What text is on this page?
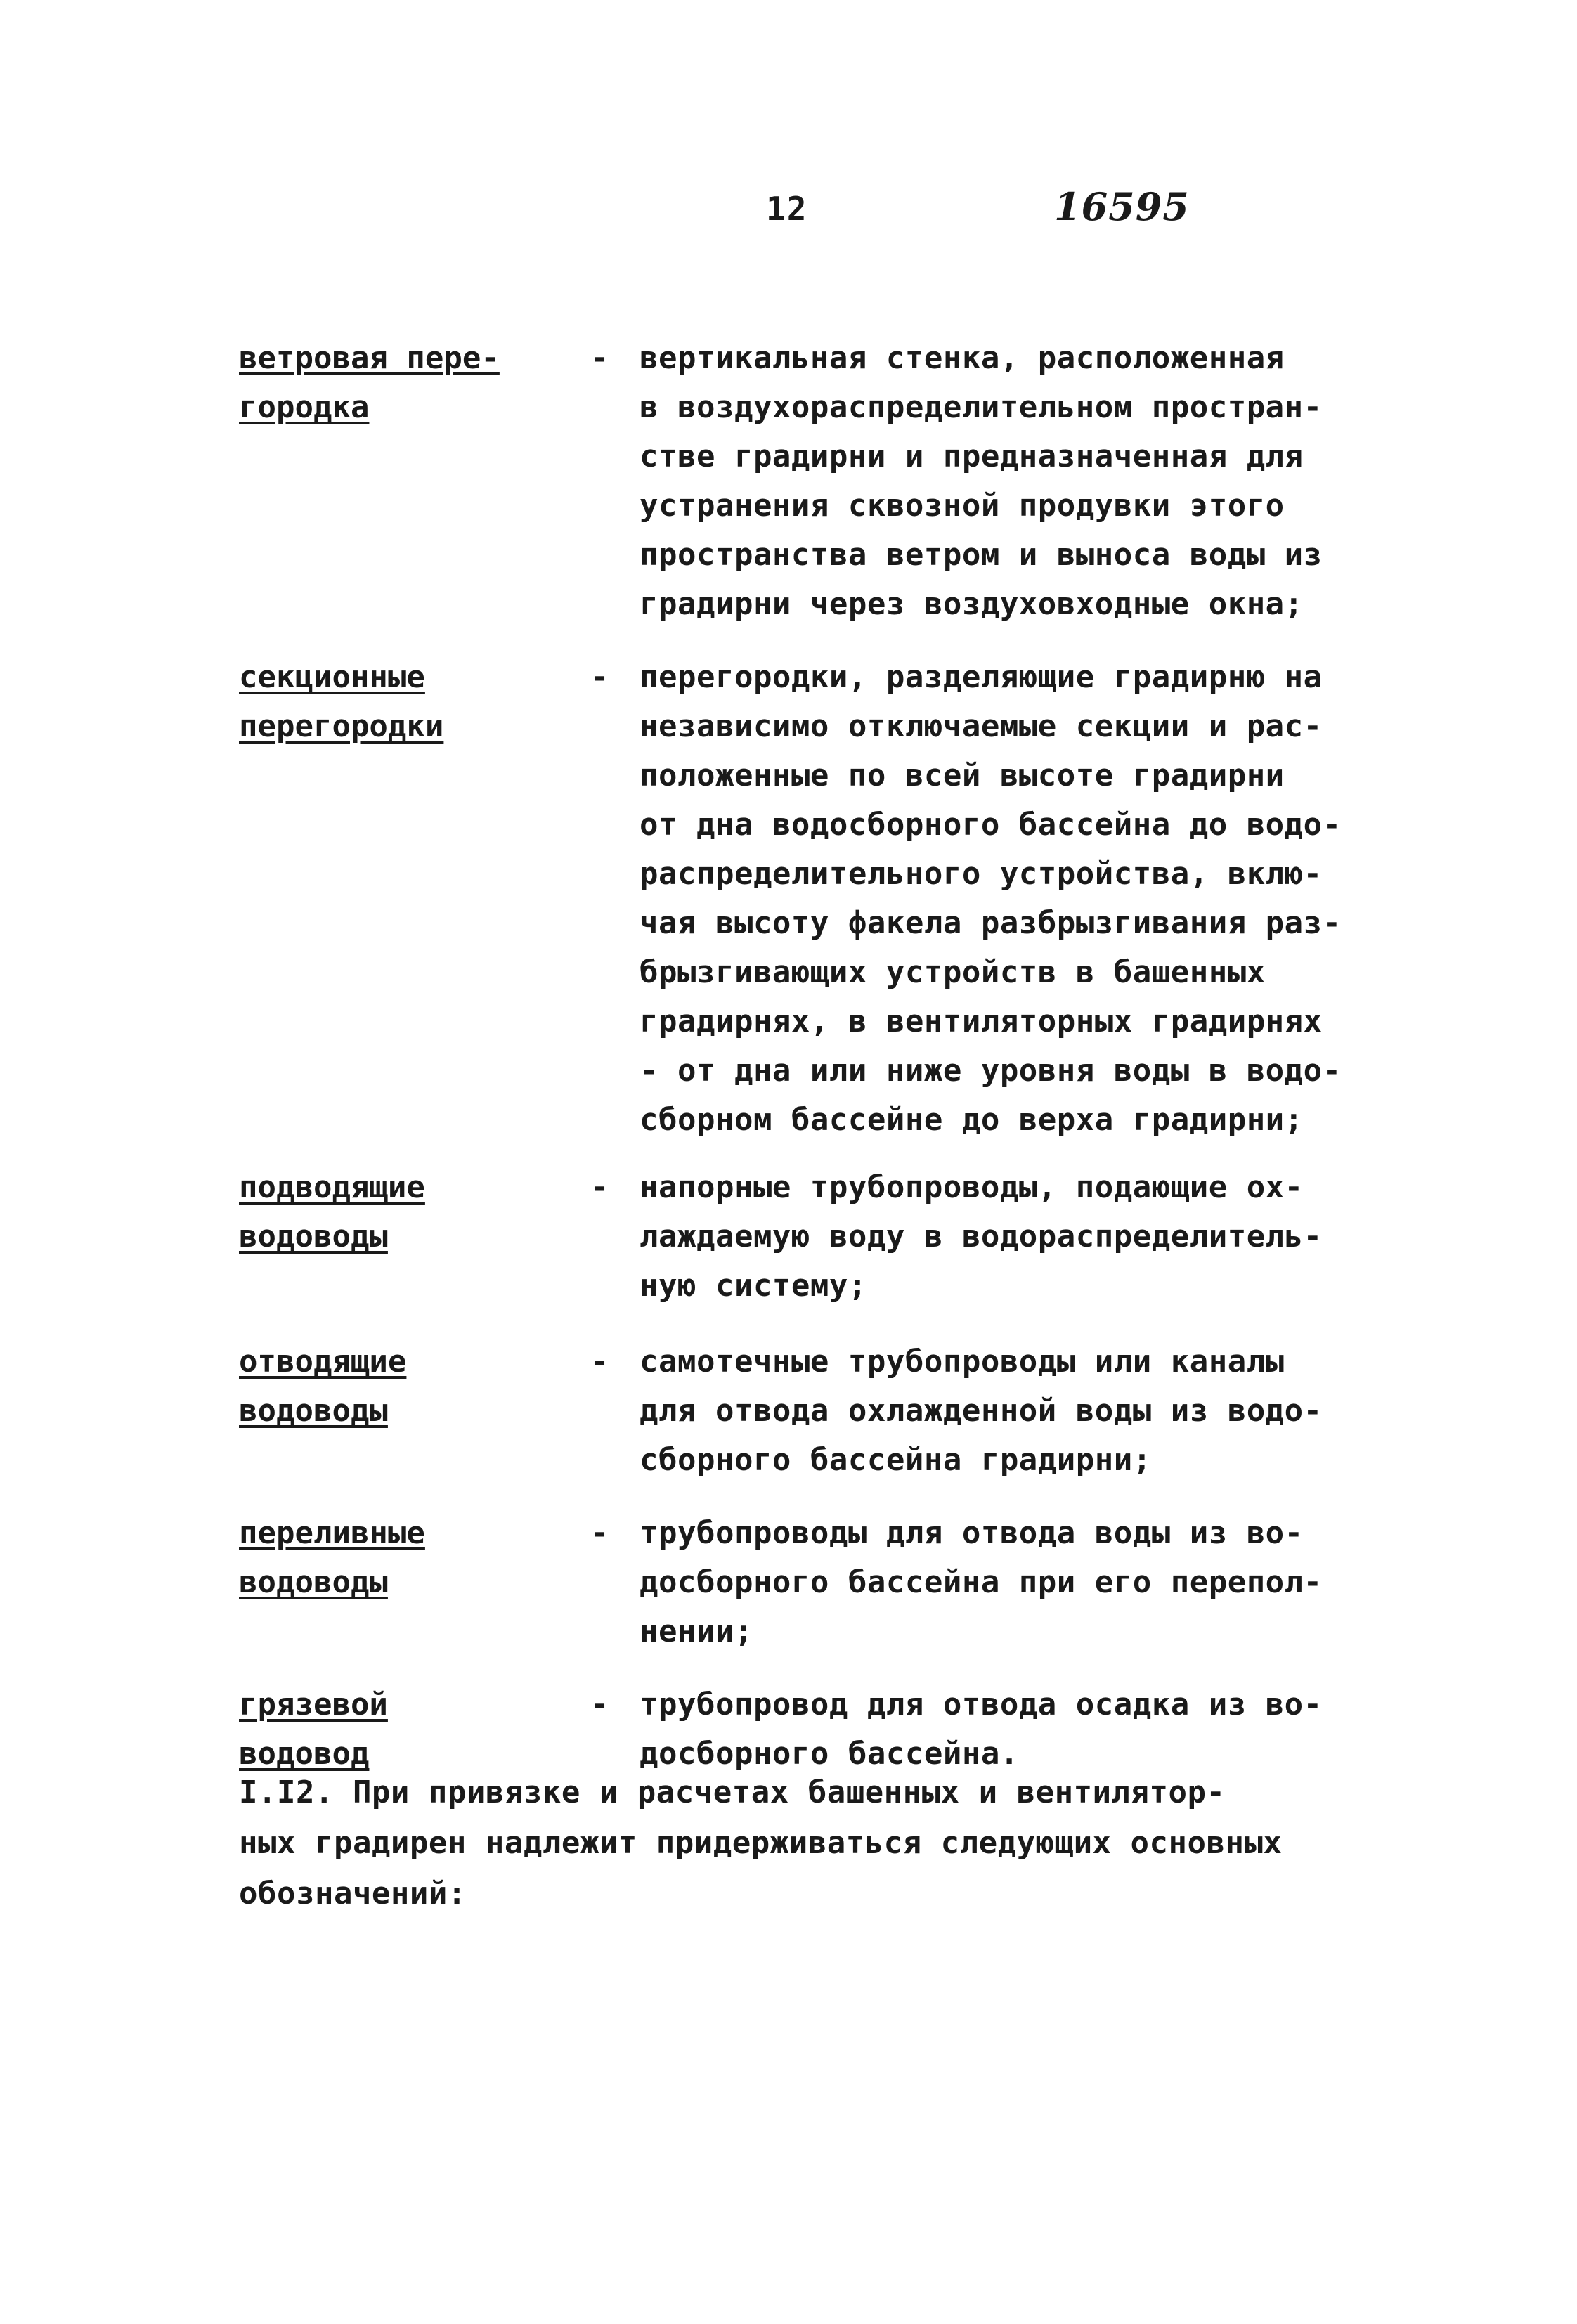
12	16595
ветровая пере-
городка
- вертикальная стенка, расположенная
в воздухораспределительном простран-
стве градирни и предназначенная для
устранения сквозной продувки этого
пространства ветром и выноса воды из
градирни через воздуховходные окна;
секционные
перегородки
- перегородки, разделяющие градирню на
независимо отключаемые секции и рас-
положенные по всей высоте градирни
от дна водосборного бассейна до водо-
распределительного устройства, вклю-
чая высоту факела разбрызгивания раз-
брызгивающих устройств в башенных
градирнях, в вентиляторных градирнях
- от дна или ниже уровня воды в водо-
сборном бассейне до верха градирни;
подводящие
водоводы
- напорные трубопроводы, подающие ох-
лаждаемую воду в водораспределитель-
ную систему;
отводящие
водоводы
- самотечные трубопроводы или каналы
для отвода охлажденной воды из водо-
сборного бассейна градирни;
переливные
водоводы
- трубопроводы для отвода воды из во-
досборного бассейна при его перепол-
нении;
грязевой
водовод
- трубопровод для отвода осадка из во-
досборного бассейна.
I.I2. При привязке и расчетах башенных и вентилятор-
ных градирен надлежит придерживаться следующих основных
обозначений:
